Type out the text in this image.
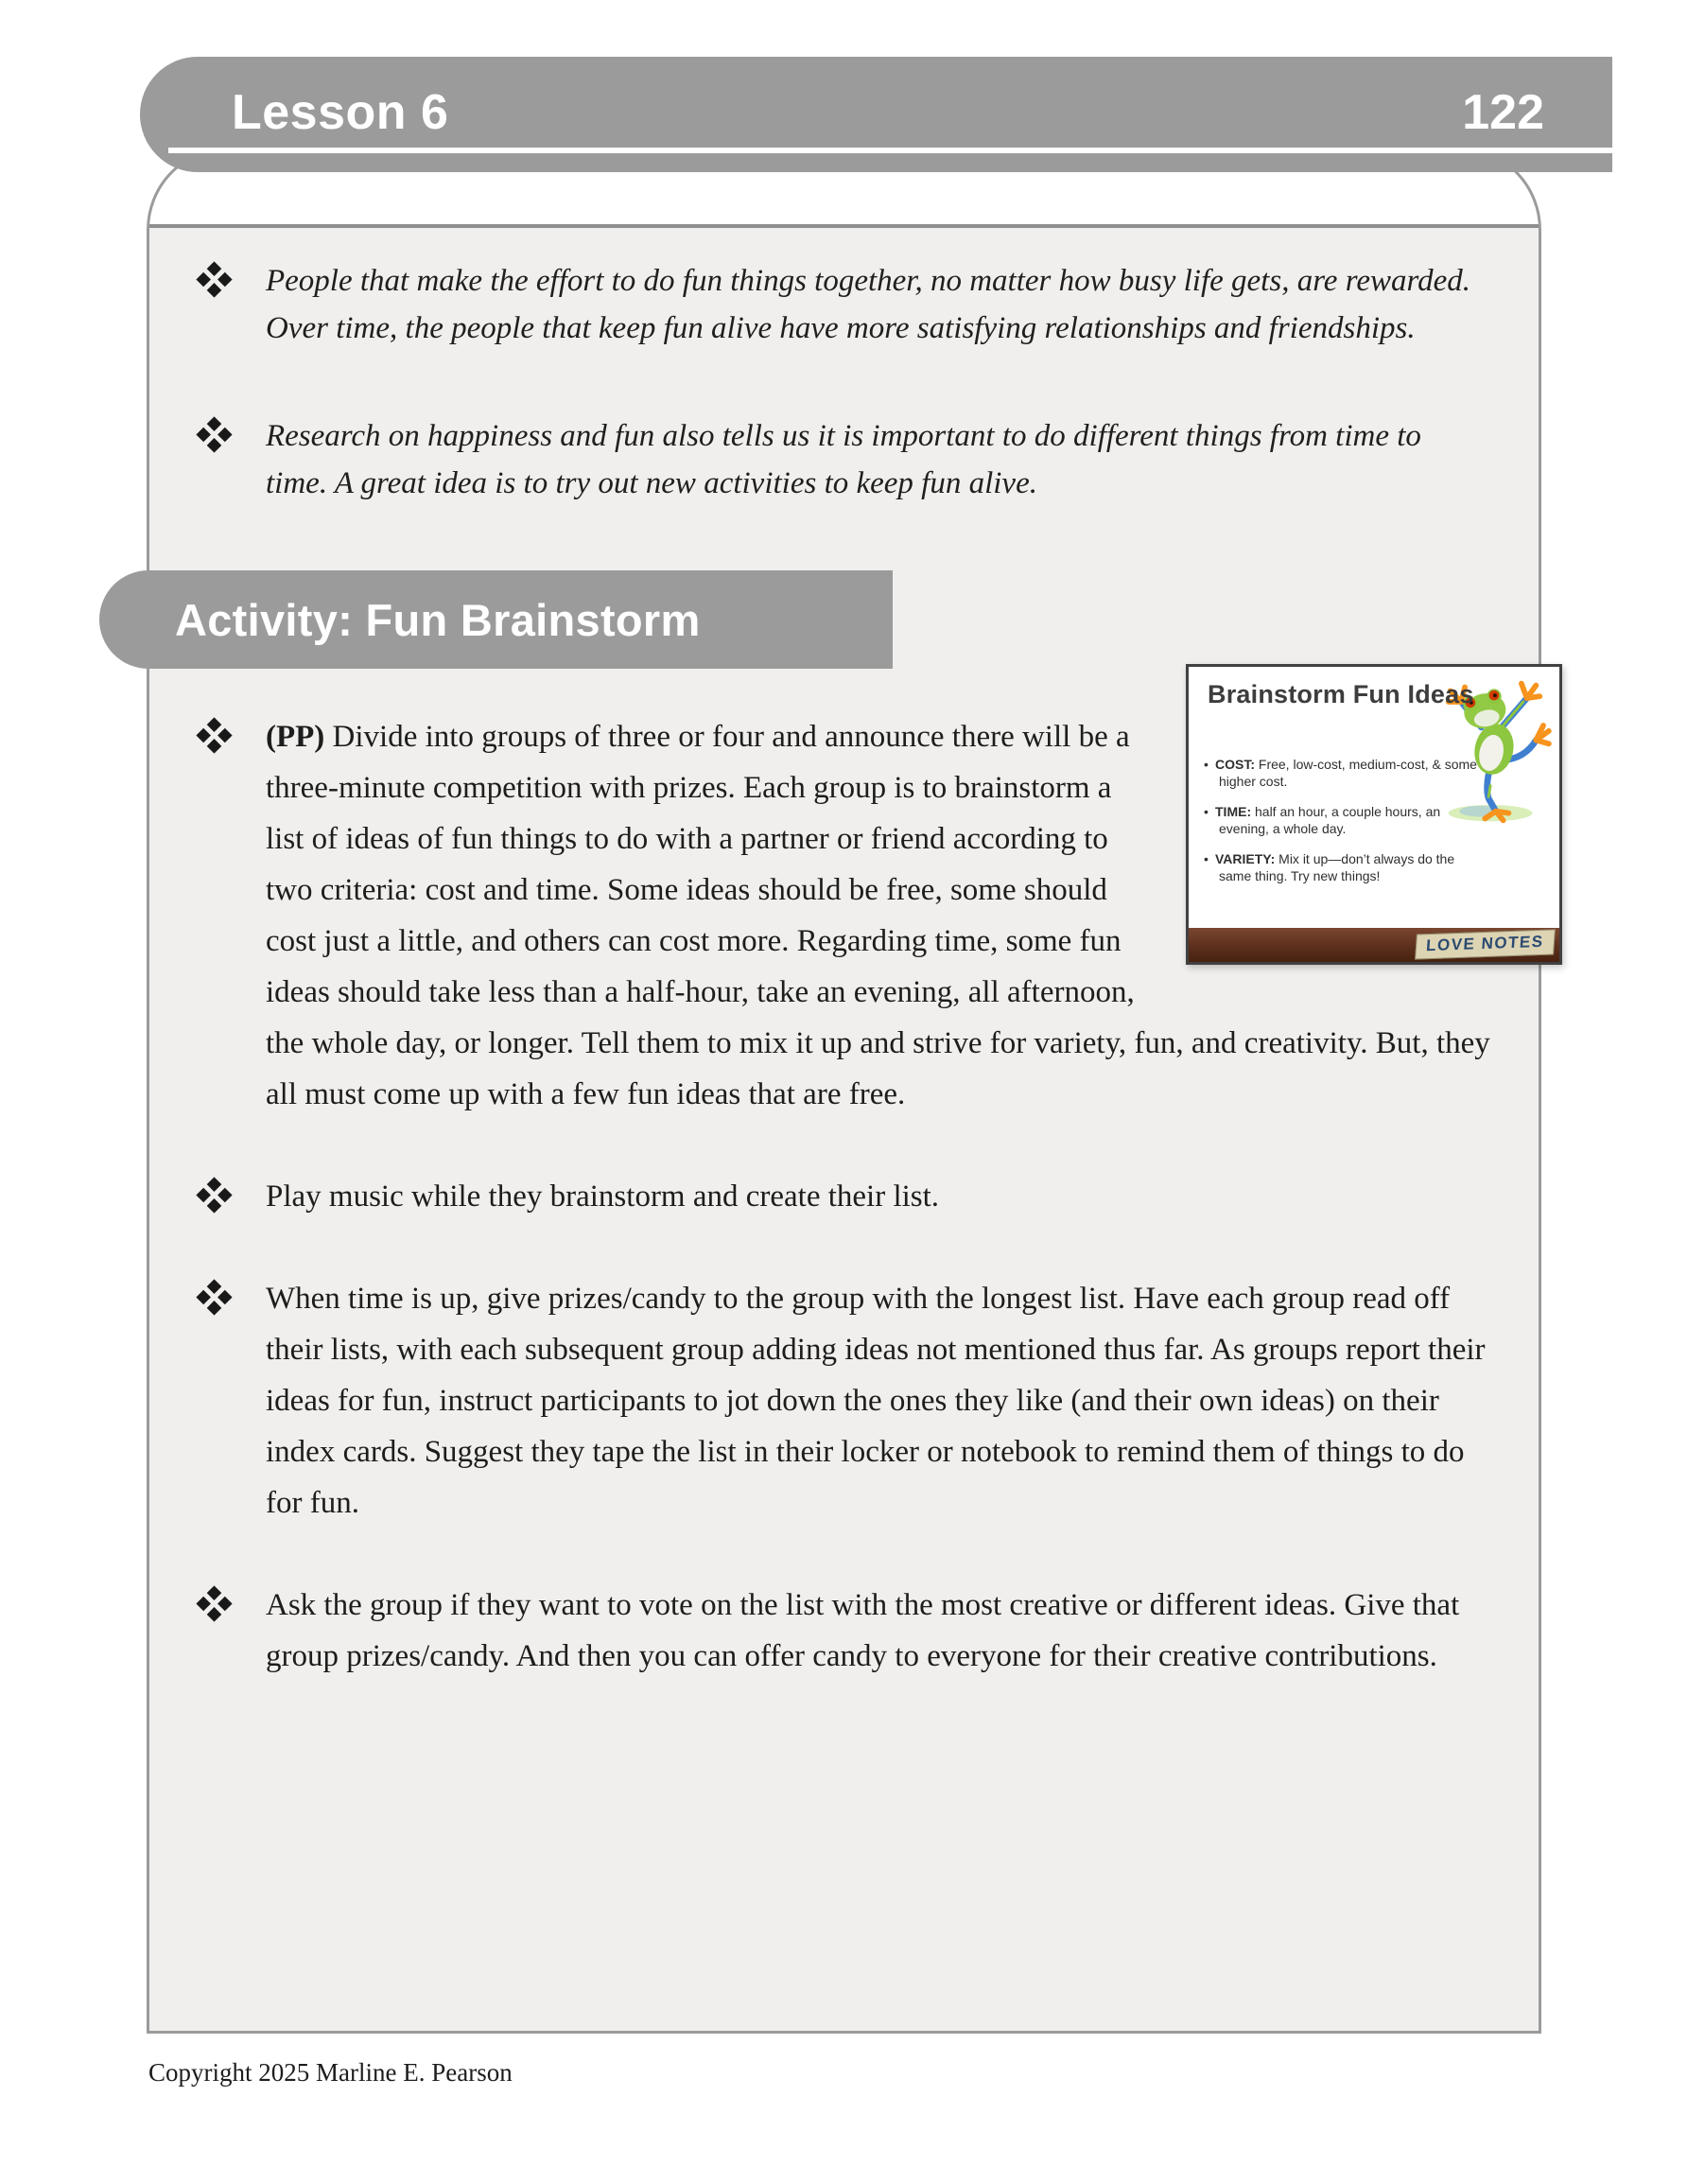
Lesson 6	122

People that make the effort to do fun things together, no matter how busy life gets, are rewarded. Over time, the people that keep fun alive have more satisfying relationships and friendships.

Research on happiness and fun also tells us it is important to do different things from time to time. A great idea is to try out new activities to keep fun alive.

Activity: Fun Brainstorm
Brainstorm Fun Ideas
• COST: Free, low-cost, medium-cost, & some higher cost.
• TIME: half an hour, a couple hours, an evening, a whole day.
• VARIETY: Mix it up—don’t always do the same thing. Try new things!
LOVE NOTES

(PP) Divide into groups of three or four and announce there will be a three-minute competition with prizes. Each group is to brainstorm a list of ideas of fun things to do with a partner or friend according to two criteria: cost and time. Some ideas should be free, some should cost just a little, and others can cost more. Regarding time, some fun ideas should take less than a half-hour, take an evening, all afternoon, the whole day, or longer. Tell them to mix it up and strive for variety, fun, and creativity. But, they all must come up with a few fun ideas that are free.

Play music while they brainstorm and create their list.

When time is up, give prizes/candy to the group with the longest list. Have each group read off their lists, with each subsequent group adding ideas not mentioned thus far. As groups report their ideas for fun, instruct participants to jot down the ones they like (and their own ideas) on their index cards. Suggest they tape the list in their locker or notebook to remind them of things to do for fun.

Ask the group if they want to vote on the list with the most creative or different ideas. Give that group prizes/candy. And then you can offer candy to everyone for their creative contributions.

Copyright 2025 Marline E. Pearson
